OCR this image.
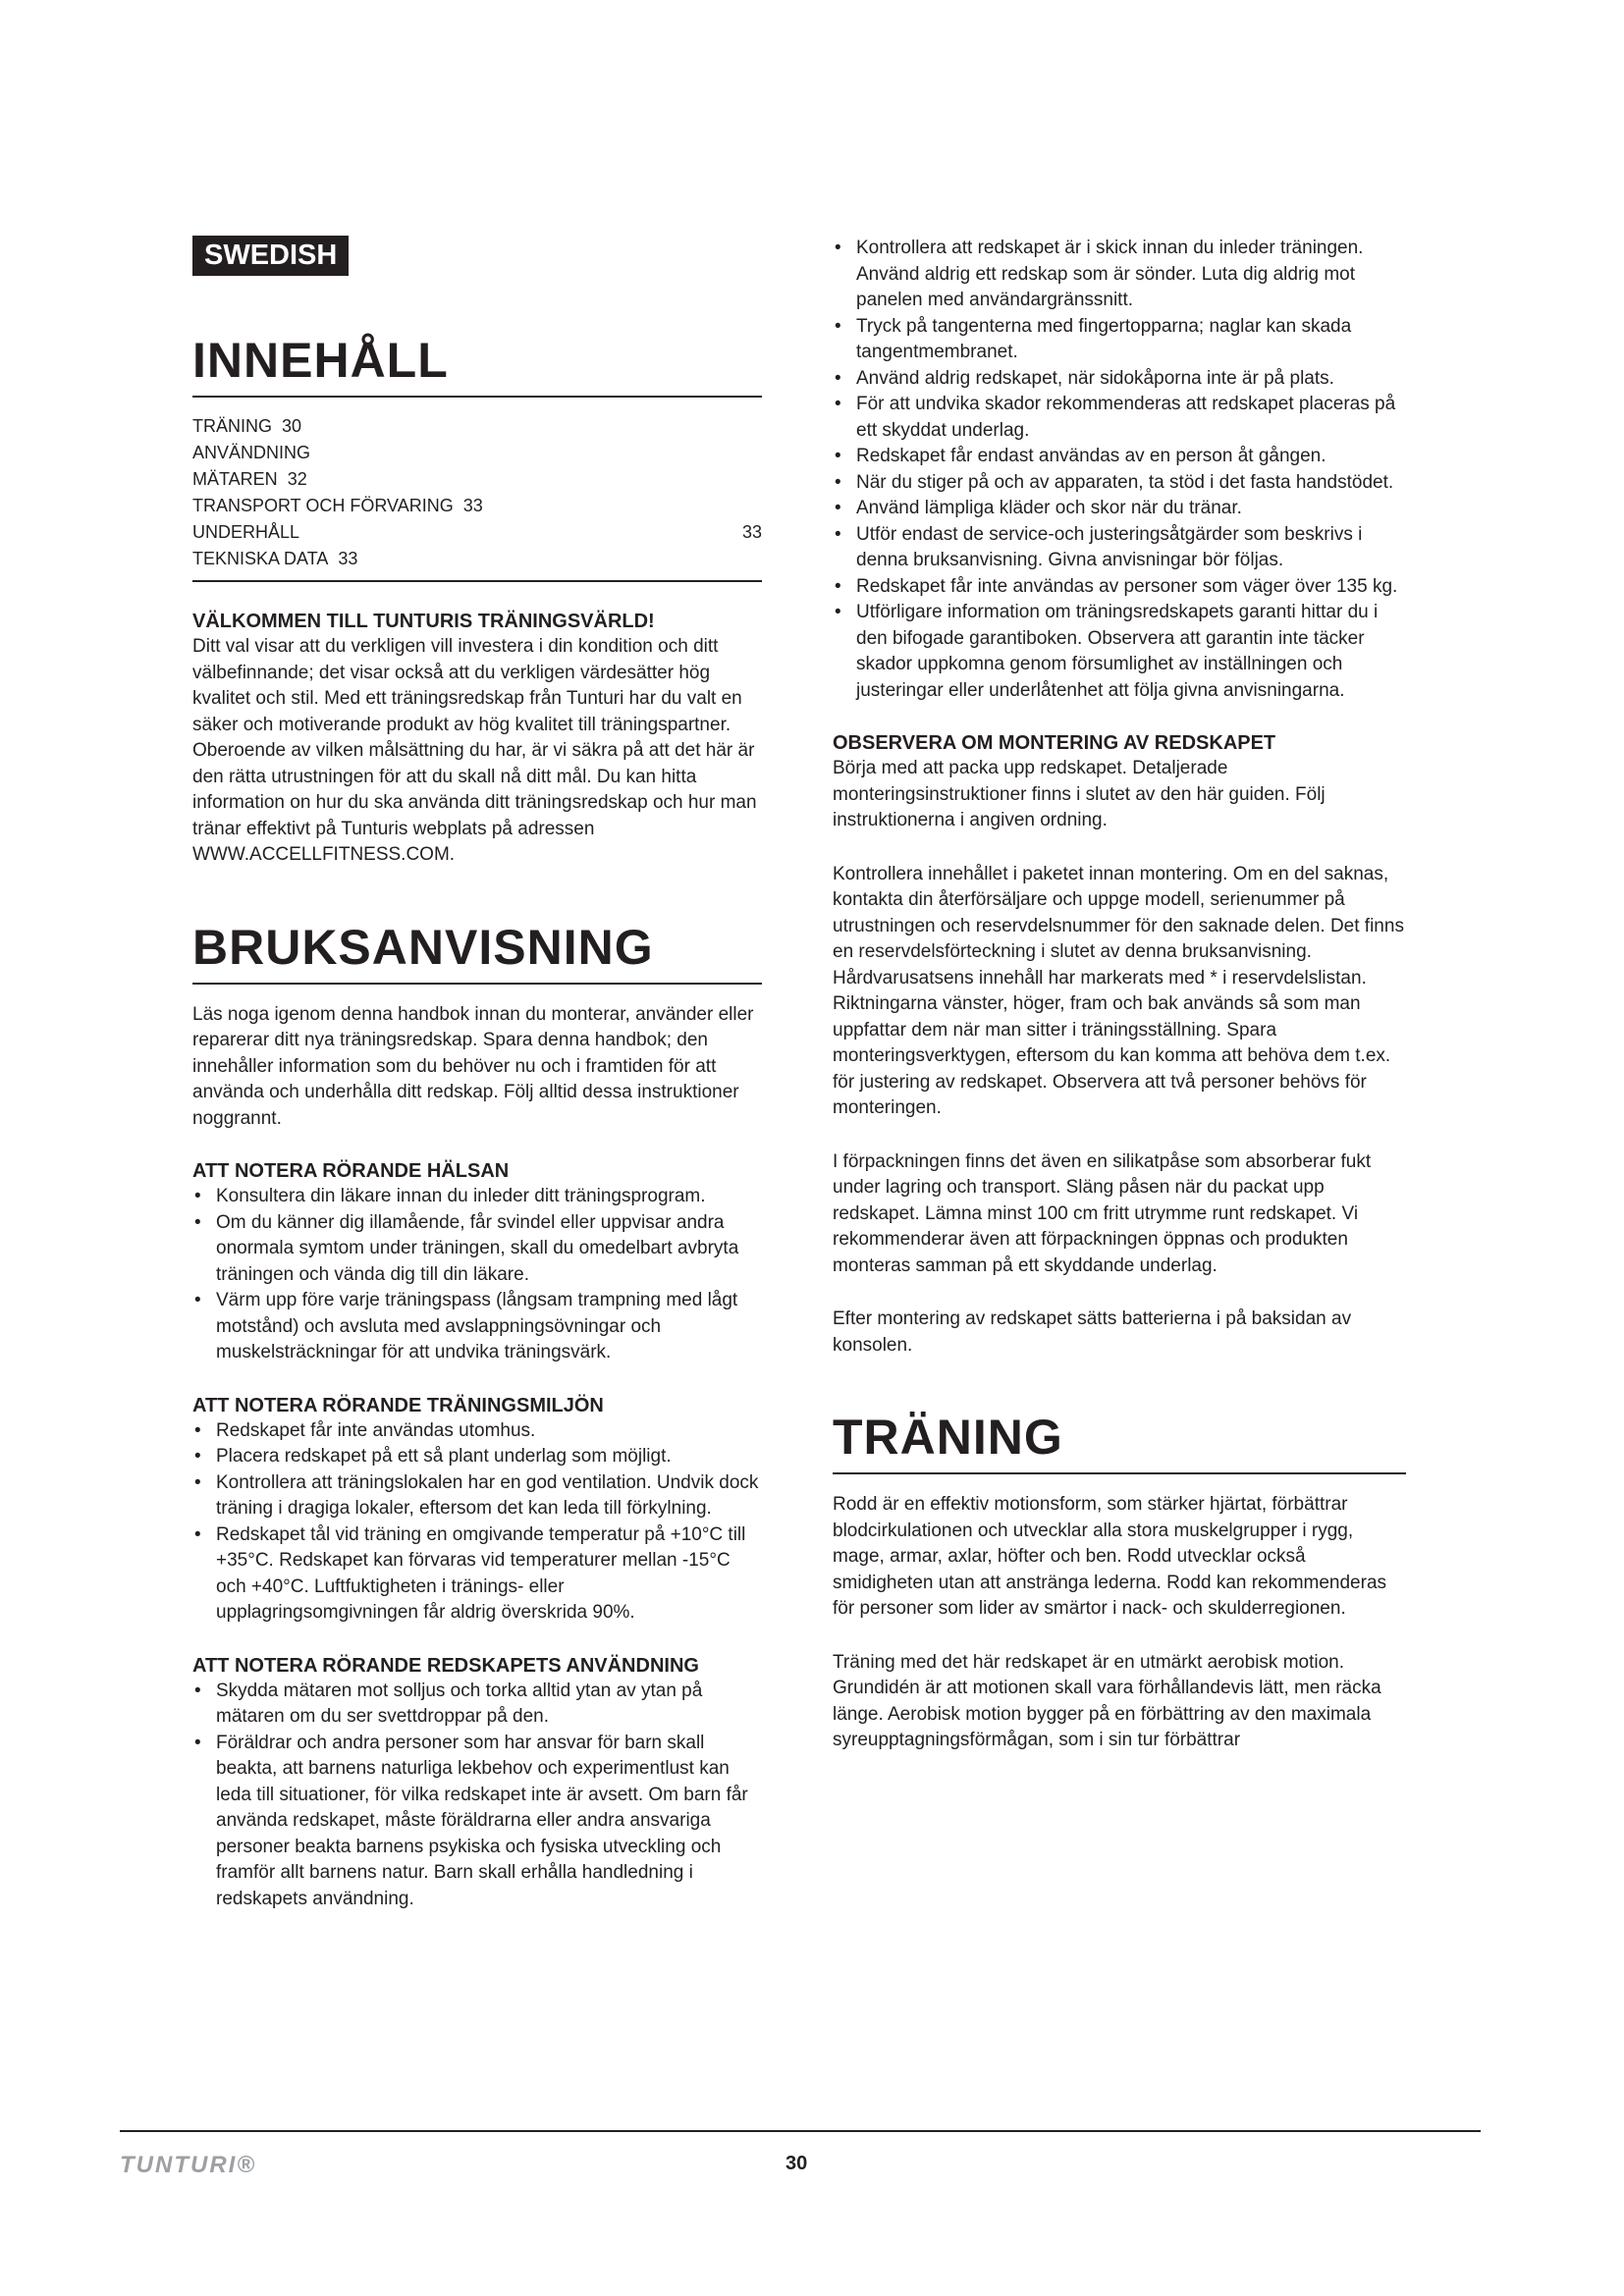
SWEDISH
INNEHÅLL
TRÄNING
30
ANVÄNDNING
MÄTAREN
32
TRANSPORT OCH FÖRVARING
33
UNDERHÅLL	33
TEKNISKA DATA
33
VÄLKOMMEN TILL TUNTURIS TRÄNINGSVÄRLD!

Ditt val visar att du verkligen vill investera i din kondition och ditt välbefinnande; det visar också att du verkligen värdesätter hög kvalitet och stil. Med ett träningsredskap från Tunturi har du valt en säker och motiverande produkt av hög kvalitet till träningspartner. Oberoende av vilken målsättning du har, är vi säkra på att det här är den rätta utrustningen för att du skall nå ditt mål. Du kan hitta information on hur du ska använda ditt träningsredskap och hur man tränar effektivt på Tunturis webplats på adressen WWW.ACCELLFITNESS.COM.

BRUKSANVISNING

Läs noga igenom denna handbok innan du monterar, använder eller reparerar ditt nya träningsredskap. Spara denna handbok; den innehåller information som du behöver nu och i framtiden för att använda och underhålla ditt redskap. Följ alltid dessa instruktioner noggrannt.

ATT NOTERA RÖRANDE HÄLSAN
• Konsultera din läkare innan du inleder ditt träningsprogram.
• Om du känner dig illamående, får svindel eller uppvisar andra onormala symtom under träningen, skall du omedelbart avbryta träningen och vända dig till din läkare.
• Värm upp före varje träningspass (långsam trampning med lågt motstånd) och avsluta med avslappningsövningar och muskelsträckningar för att undvika träningsvärk.
ATT NOTERA RÖRANDE TRÄNINGSMILJÖN
• Redskapet får inte användas utomhus.
• Placera redskapet på ett så plant underlag som möjligt.
• Kontrollera att träningslokalen har en god ventilation. Undvik dock träning i dragiga lokaler, eftersom det kan leda till förkylning.
• Redskapet tål vid träning en omgivande temperatur på +10°C till +35°C. Redskapet kan förvaras vid temperaturer mellan -15°C och +40°C. Luftfuktigheten i tränings- eller upplagringsomgivningen får aldrig överskrida 90%.
ATT NOTERA RÖRANDE REDSKAPETS ANVÄNDNING
• Skydda mätaren mot solljus och torka alltid ytan av ytan på mätaren om du ser svettdroppar på den.
• Föräldrar och andra personer som har ansvar för barn skall beakta, att barnens naturliga lekbehov och experimentlust kan leda till situationer, för vilka redskapet inte är avsett. Om barn får använda redskapet, måste föräldrarna eller andra ansvariga personer beakta barnens psykiska och fysiska utveckling och framför allt barnens natur. Barn skall erhålla handledning i redskapets användning.
• Kontrollera att redskapet är i skick innan du inleder träningen. Använd aldrig ett redskap som är sönder. Luta dig aldrig mot panelen med användargränssnitt.
• Tryck på tangenterna med fingertopparna; naglar kan skada tangentmembranet.
• Använd aldrig redskapet, när sidokåporna inte är på plats.
• För att undvika skador rekommenderas att redskapet placeras på ett skyddat underlag.
• Redskapet får endast användas av en person åt gången.
• När du stiger på och av apparaten, ta stöd i det fasta handstödet.
• Använd lämpliga kläder och skor när du tränar.
• Utför endast de service-och justeringsåtgärder som beskrivs i denna bruksanvisning. Givna anvisningar bör följas.
• Redskapet får inte användas av personer som väger över 135 kg.
• Utförligare information om träningsredskapets garanti hittar du i den bifogade garantiboken. Observera att garantin inte täcker skador uppkomna genom försumlighet av inställningen och justeringar eller underlåtenhet att följa givna anvisningarna.
OBSERVERA OM MONTERING AV REDSKAPET

Börja med att packa upp redskapet. Detaljerade monteringsinstruktioner finns i slutet av den här guiden. Följ instruktionerna i angiven ordning.

Kontrollera innehållet i paketet innan montering. Om en del saknas, kontakta din återförsäljare och uppge modell, serienummer på utrustningen och reservdelsnummer för den saknade delen. Det finns en reservdelsförteckning i slutet av denna bruksanvisning. Hårdvarusatsens innehåll har markerats med * i reservdelslistan. Riktningarna vänster, höger, fram och bak används så som man uppfattar dem när man sitter i träningsställning. Spara monteringsverktygen, eftersom du kan komma att behöva dem t.ex. för justering av redskapet. Observera att två personer behövs för monteringen.

I förpackningen finns det även en silikatpåse som absorberar fukt under lagring och transport. Släng påsen när du packat upp redskapet. Lämna minst 100 cm fritt utrymme runt redskapet. Vi rekommenderar även att förpackningen öppnas och produkten monteras samman på ett skyddande underlag.

Efter montering av redskapet sätts batterierna i på baksidan av konsolen.

TRÄNING

Rodd är en effektiv motionsform, som stärker hjärtat, förbättrar blodcirkulationen och utvecklar alla stora muskelgrupper i rygg, mage, armar, axlar, höfter och ben. Rodd utvecklar också smidigheten utan att anstränga lederna. Rodd kan rekommenderas för personer som lider av smärtor i nack- och skulderregionen.

Träning med det här redskapet är en utmärkt aerobisk motion. Grundidén är att motionen skall vara förhållandevis lätt, men räcka länge. Aerobisk motion bygger på en förbättring av den maximala syreupptagningsförmågan, som i sin tur förbättrar

TUNTURI®	30
